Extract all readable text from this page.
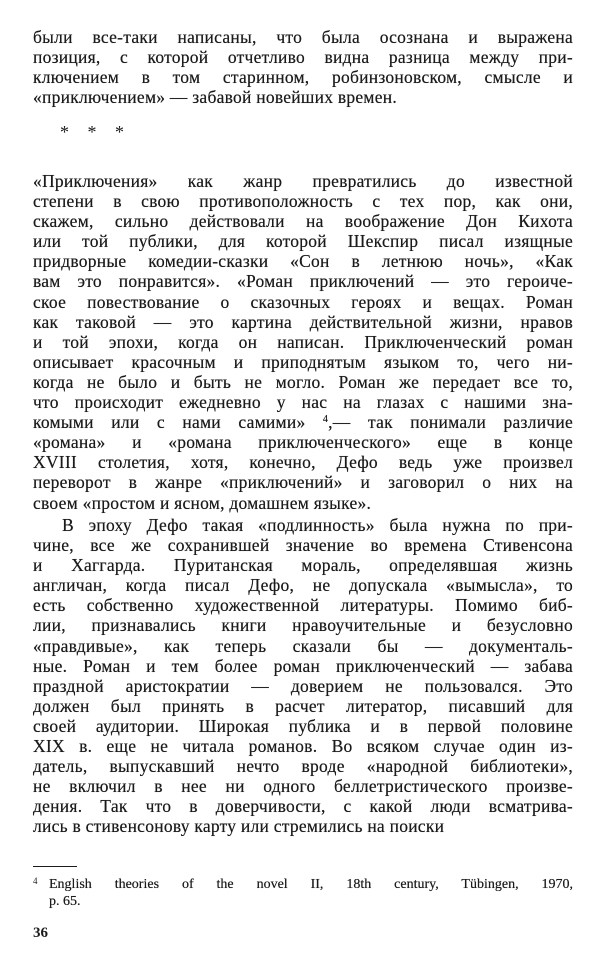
были все-таки написаны, что была осознана и выражена
позиция, с которой отчетливо видна разница между при-
ключением в том старинном, робинзоновском, смысле и
«приключением» — забавой новейших времен.
* * *
«Приключения» как жанр превратились до известной
степени в свою противоположность с тех пор, как они,
скажем, сильно действовали на воображение Дон Кихота
или той публики, для которой Шекспир писал изящные
придворные комедии-сказки «Сон в летнюю ночь», «Как
вам это понравится». «Роман приключений — это героиче-
ское повествование о сказочных героях и вещах. Роман
как таковой — это картина действительной жизни, нравов
и той эпохи, когда он написан. Приключенческий роман
описывает красочным и приподнятым языком то, чего ни-
когда не было и быть не могло. Роман же передает все то,
что происходит ежедневно у нас на глазах с нашими зна-
комыми или с нами самими» $^4$,— так понимали различие
«романа» и «романа приключенческого» еще в конце
XVIII столетия, хотя, конечно, Дефо ведь уже произвел
переворот в жанре «приключений» и заговорил о них на
своем «простом и ясном, домашнем языке».
В эпоху Дефо такая «подлинность» была нужна по при-
чине, все же сохранившей значение во времена Стивенсона
и Хаггарда. Пуританская мораль, определявшая жизнь
англичан, когда писал Дефо, не допускала «вымысла», то
есть собственно художественной литературы. Помимо биб-
лии, признавались книги нравоучительные и безусловно
«правдивые», как теперь сказали бы — документаль-
ные. Роман и тем более роман приключенческий — забава
праздной аристократии — доверием не пользовался. Это
должен был принять в расчет литератор, писавший для
своей аудитории. Широкая публика и в первой половине
XIX в. еще не читала романов. Во всяком случае один из-
датель, выпускавший нечто вроде «народной библиотеки»,
не включил в нее ни одного беллетристического произве-
дения. Так что в доверчивости, с какой люди всматрива-
лись в стивенсонову карту или стремились на поиски
4 English theories of the novel II, 18th century, Tübingen, 1970,
p. 65.
36
